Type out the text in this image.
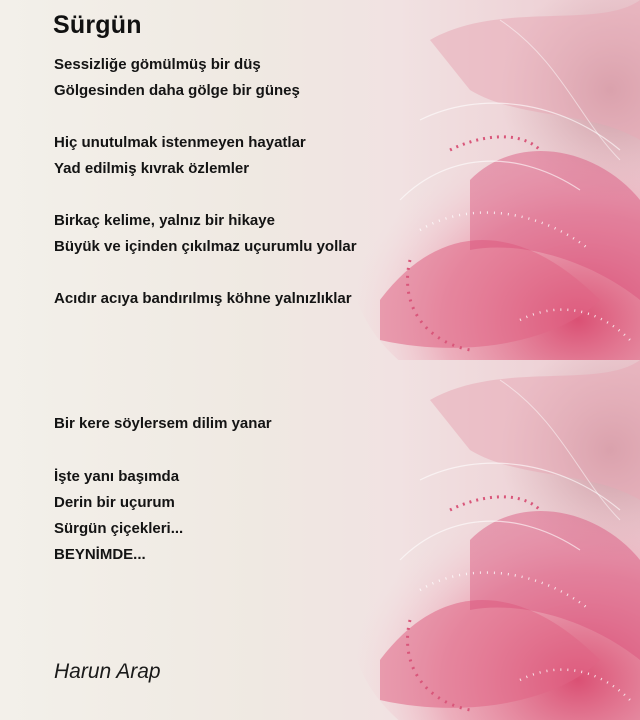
Sürgün

Sessizliğe gömülmüş bir düş

Gölgesinden daha gölge bir güneş

Hiç unutulmak istenmeyen hayatlar

Yad edilmiş kıvrak özlemler

Birkaç kelime, yalnız bir hikaye

Büyük ve içinden çıkılmaz uçurumlu yollar

Acıdır acıya bandırılmış köhne yalnızlıklar

Bir kere söylersem dilim yanar

İşte yanı başımda

Derin bir uçurum

Sürgün çiçekleri...

BEYNİMDE...

Harun Arap
